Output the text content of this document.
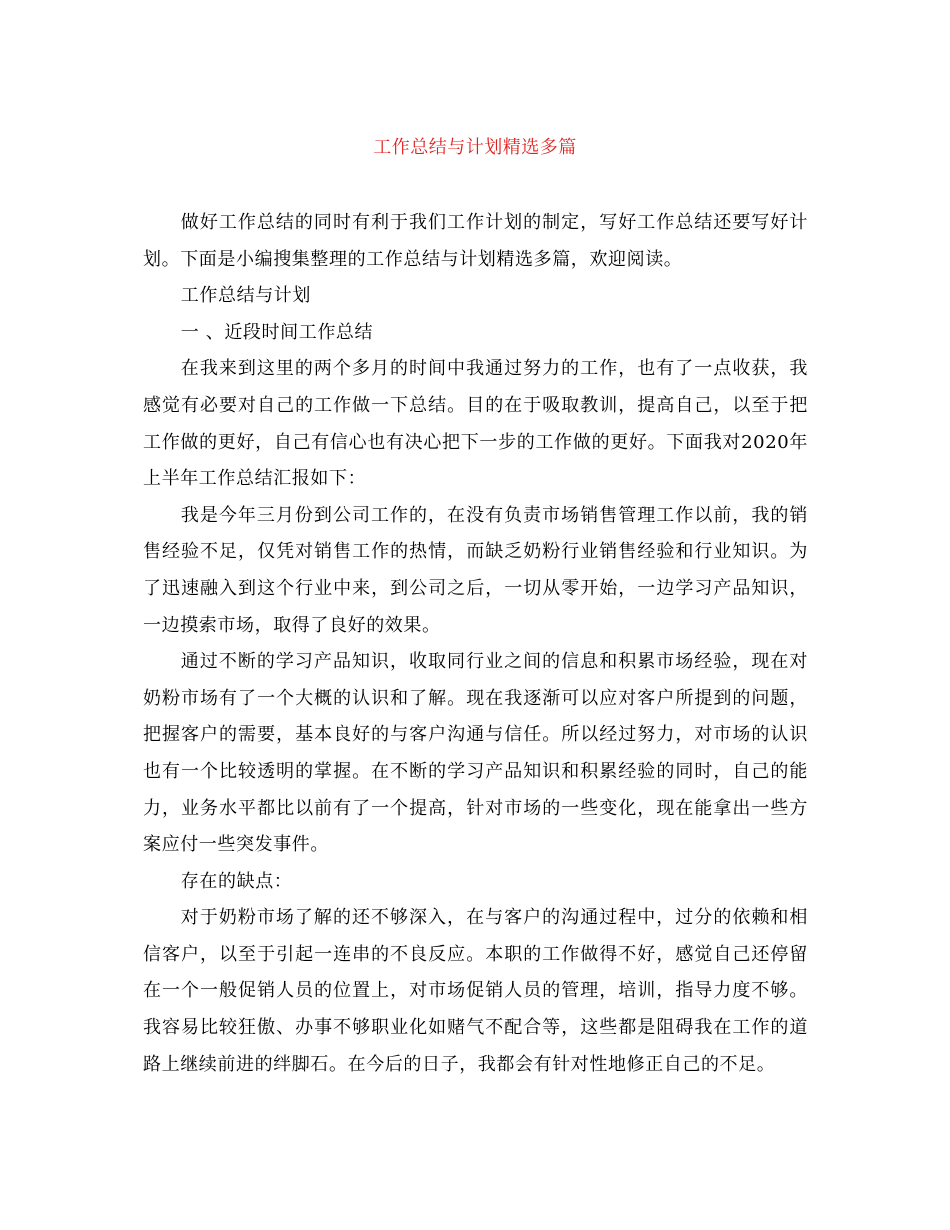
工作总结与计划精选多篇

做好工作总结的同时有利于我们工作计划的制定，写好工作总结还要写好计划。下面是小编搜集整理的工作总结与计划精选多篇，欢迎阅读。

工作总结与计划

一 、近段时间工作总结

在我来到这里的两个多月的时间中我通过努力的工作，也有了一点收获，我感觉有必要对自己的工作做一下总结。目的在于吸取教训，提高自己，以至于把工作做的更好，自己有信心也有决心把下一步的工作做的更好。下面我对2020年上半年工作总结汇报如下：

我是今年三月份到公司工作的，在没有负责市场销售管理工作以前，我的销售经验不足，仅凭对销售工作的热情，而缺乏奶粉行业销售经验和行业知识。为了迅速融入到这个行业中来，到公司之后，一切从零开始，一边学习产品知识，一边摸索市场，取得了良好的效果。

通过不断的学习产品知识，收取同行业之间的信息和积累市场经验，现在对奶粉市场有了一个大概的认识和了解。现在我逐渐可以应对客户所提到的问题，把握客户的需要，基本良好的与客户沟通与信任。所以经过努力，对市场的认识也有一个比较透明的掌握。在不断的学习产品知识和积累经验的同时，自己的能力，业务水平都比以前有了一个提高，针对市场的一些变化，现在能拿出一些方案应付一些突发事件。

存在的缺点：

对于奶粉市场了解的还不够深入，在与客户的沟通过程中，过分的依赖和相信客户，以至于引起一连串的不良反应。本职的工作做得不好，感觉自己还停留在一个一般促销人员的位置上，对市场促销人员的管理，培训，指导力度不够。我容易比较狂傲、办事不够职业化如赌气不配合等，这些都是阻碍我在工作的道路上继续前进的绊脚石。在今后的日子，我都会有针对性地修正自己的不足。
